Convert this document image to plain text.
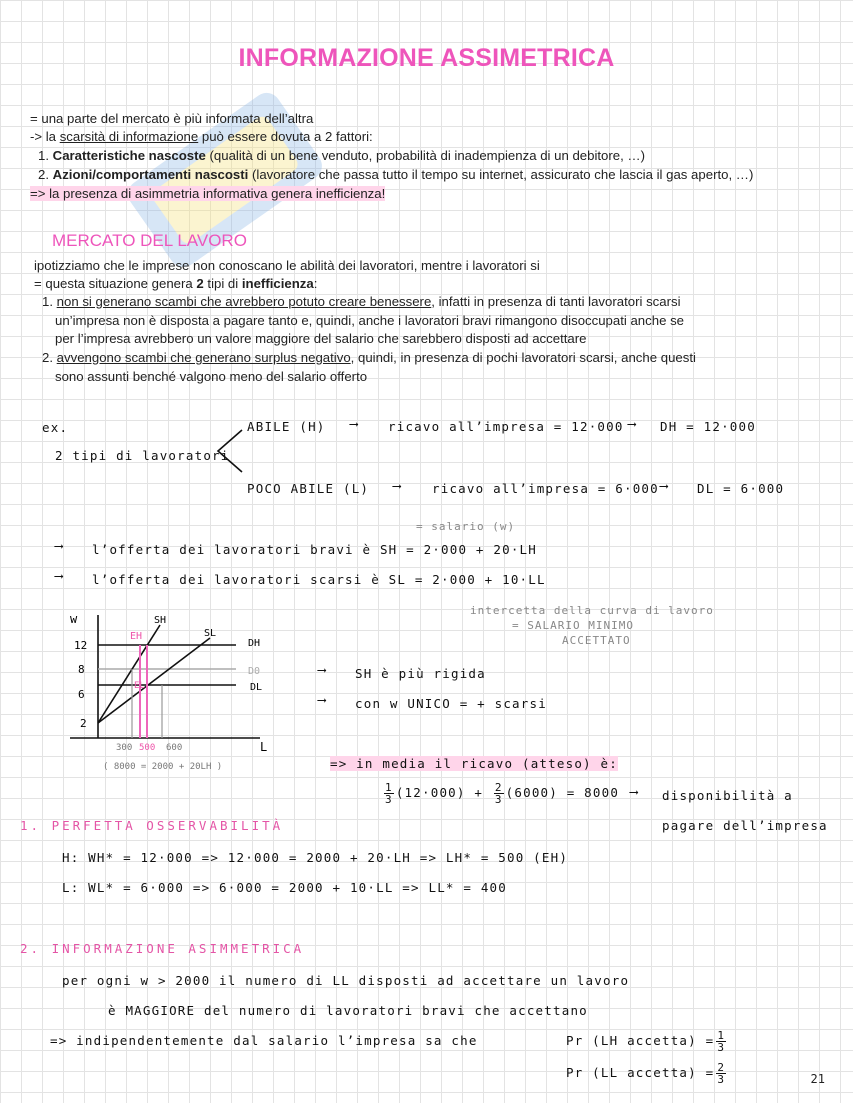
INFORMAZIONE ASSIMETRICA
= una parte del mercato è più informata dell’altra
-> la scarsità di informazione può essere dovuta a 2 fattori:
1. Caratteristiche nascoste (qualità di un bene venduto, probabilità di inadempienza di un debitore, …)
2. Azioni/comportamenti nascosti (lavoratore che passa tutto il tempo su internet, assicurato che lascia il gas aperto, …)
=> la presenza di asimmetria informativa genera inefficienza!
MERCATO DEL LAVORO
ipotizziamo che le imprese non conoscano le abilità dei lavoratori, mentre i lavoratori si
= questa situazione genera 2 tipi di inefficienza:
1. non si generano scambi che avrebbero potuto creare benessere, infatti in presenza di tanti lavoratori scarsi
un’impresa non è disposta a pagare tanto e, quindi, anche i lavoratori bravi rimangono disoccupati anche se
per l’impresa avrebbero un valore maggiore del salario che sarebbero disposti ad accettare
2. avvengono scambi che generano surplus negativo, quindi, in presenza di pochi lavoratori scarsi, anche questi
sono assunti benché valgono meno del salario offerto
ex.
2 tipi di lavoratori
ABILE (H) ⟶ ricavo all’impresa = 12·000 ⟶ DH = 12·000
POCO ABILE (L) ⟶ ricavo all’impresa = 6·000 ⟶ DL = 6·000
= salario (w)
⟶ l’offerta dei lavoratori bravi è SH = 2·000 + 20·LH
⟶ l’offerta dei lavoratori scarsi è SL = 2·000 + 10·LL
intercetta della curva di lavoro
= SALARIO MINIMO
ACCETTATO
w
L
12
8
6
2
DH
D0
DL
SH
SL
EH
EL
300 500 600
( 8000 = 2000 + 20LH )
⟶ SH è più rigida
⟶ con w UNICO = + scarsi
=> in media il ricavo (atteso) è:
$\frac{1}{3} (12\cdot 000) + \frac{2}{3} (6000) = 8000$ ⟶ disponibilità a
pagare dell’impresa
1. PERFETTA OSSERVABILITÀ
H: WH* = 12·000 => 12·000 = 2000 + 20·LH => LH* = 500 (EH)
L: WL* = 6·000 => 6·000 = 2000 + 10·LL => LL* = 400
2. INFORMAZIONE ASIMMETRICA
per ogni w > 2000 il numero di LL disposti ad accettare un lavoro
è MAGGIORE del numero di lavoratori bravi che accettano
=> indipendentemente dal salario l’impresa sa che	Pr (LH accetta) = $\frac{1}{3}$
Pr (LL accetta) = $\frac{2}{3}$	21
